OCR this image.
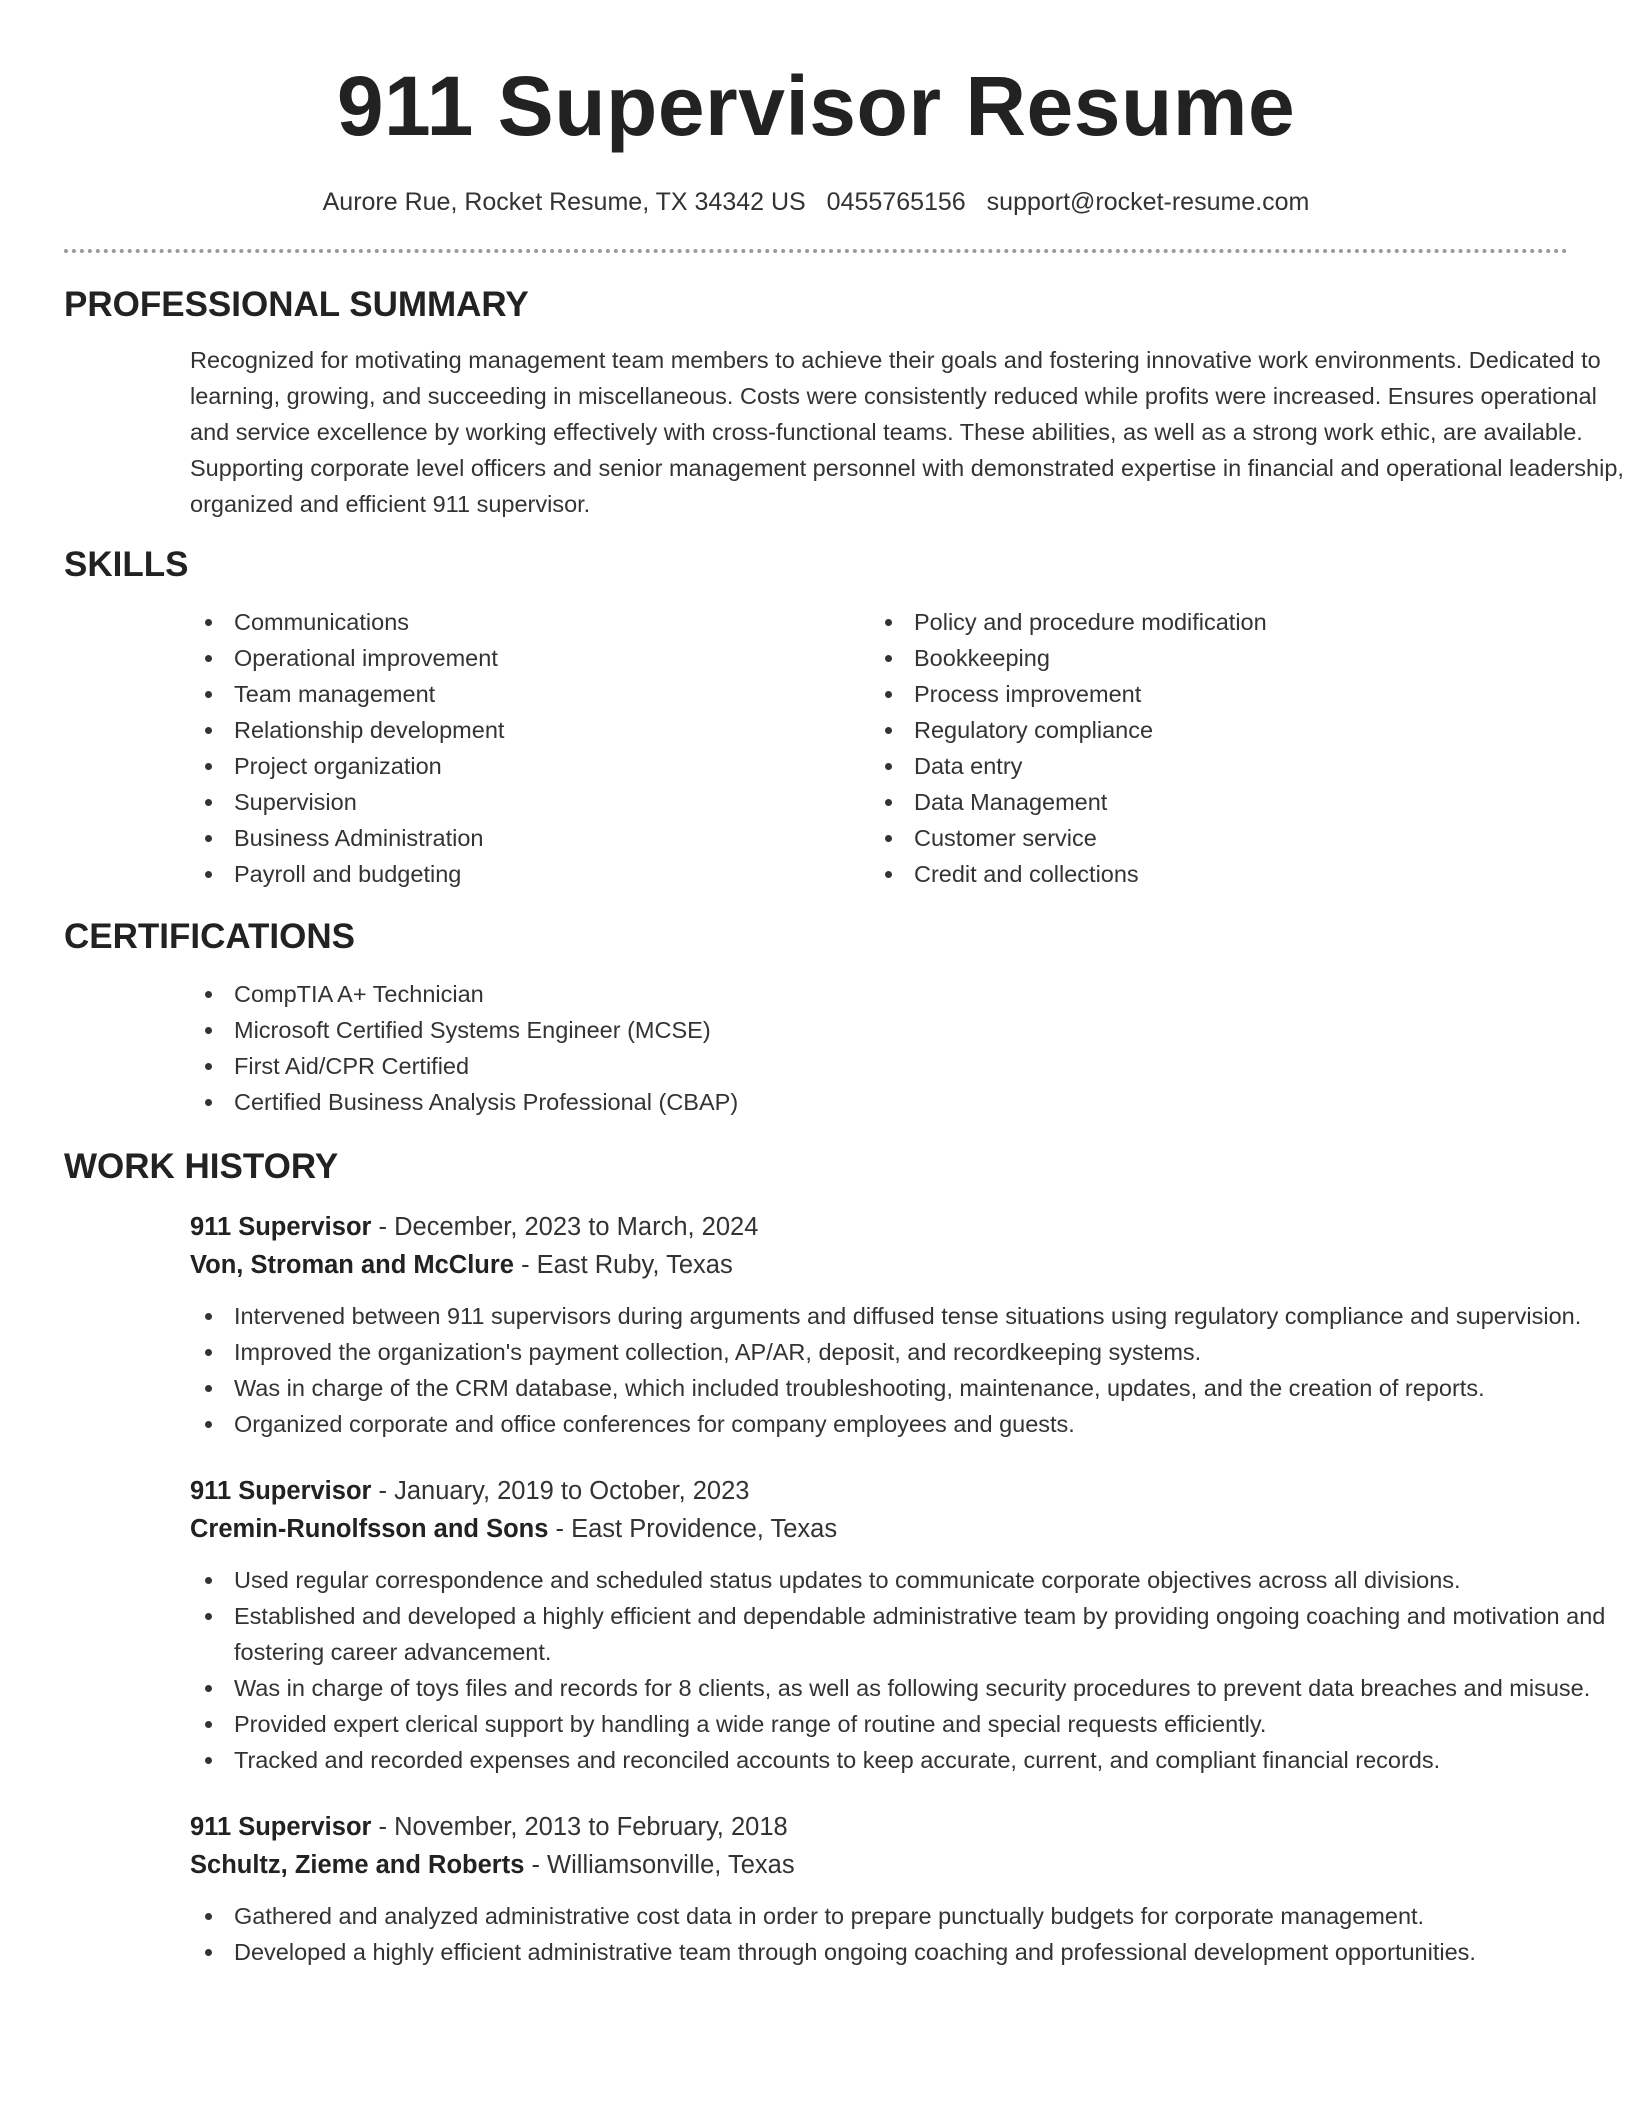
911 Supervisor Resume
Aurore Rue, Rocket Resume, TX 34342 US 0455765156 support@rocket-resume.com
PROFESSIONAL SUMMARY
Recognized for motivating management team members to achieve their goals and fostering innovative work environments. Dedicated to learning, growing, and succeeding in miscellaneous. Costs were consistently reduced while profits were increased. Ensures operational and service excellence by working effectively with cross-functional teams. These abilities, as well as a strong work ethic, are available. Supporting corporate level officers and senior management personnel with demonstrated expertise in financial and operational leadership, organized and efficient 911 supervisor.
SKILLS
Communications
Operational improvement
Team management
Relationship development
Project organization
Supervision
Business Administration
Payroll and budgeting
Policy and procedure modification
Bookkeeping
Process improvement
Regulatory compliance
Data entry
Data Management
Customer service
Credit and collections
CERTIFICATIONS
CompTIA A+ Technician
Microsoft Certified Systems Engineer (MCSE)
First Aid/CPR Certified
Certified Business Analysis Professional (CBAP)
WORK HISTORY
911 Supervisor - December, 2023 to March, 2024
Von, Stroman and McClure - East Ruby, Texas
Intervened between 911 supervisors during arguments and diffused tense situations using regulatory compliance and supervision.
Improved the organization's payment collection, AP/AR, deposit, and recordkeeping systems.
Was in charge of the CRM database, which included troubleshooting, maintenance, updates, and the creation of reports.
Organized corporate and office conferences for company employees and guests.
911 Supervisor - January, 2019 to October, 2023
Cremin-Runolfsson and Sons - East Providence, Texas
Used regular correspondence and scheduled status updates to communicate corporate objectives across all divisions.
Established and developed a highly efficient and dependable administrative team by providing ongoing coaching and motivation and fostering career advancement.
Was in charge of toys files and records for 8 clients, as well as following security procedures to prevent data breaches and misuse.
Provided expert clerical support by handling a wide range of routine and special requests efficiently.
Tracked and recorded expenses and reconciled accounts to keep accurate, current, and compliant financial records.
911 Supervisor - November, 2013 to February, 2018
Schultz, Zieme and Roberts - Williamsonville, Texas
Gathered and analyzed administrative cost data in order to prepare punctually budgets for corporate management.
Developed a highly efficient administrative team through ongoing coaching and professional development opportunities.
